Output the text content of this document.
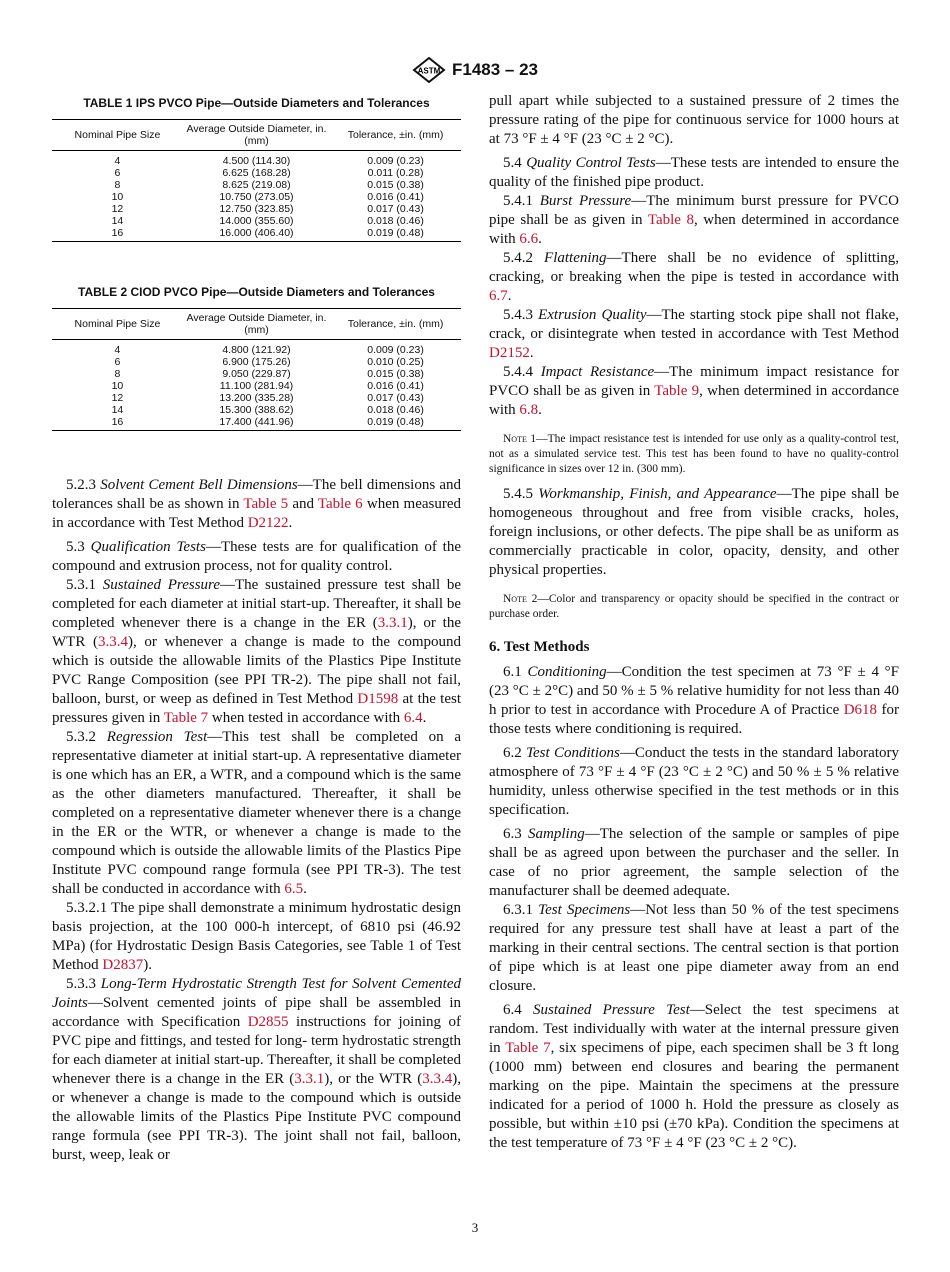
ASTM F1483 – 23
TABLE 1 IPS PVCO Pipe—Outside Diameters and Tolerances
Nominal Pipe Size	Average Outside Diameter, in. (mm)	Tolerance, ±in. (mm)
4	4.500 (114.30)	0.009 (0.23)
6	6.625 (168.28)	0.011 (0.28)
8	8.625 (219.08)	0.015 (0.38)
10	10.750 (273.05)	0.016 (0.41)
12	12.750 (323.85)	0.017 (0.43)
14	14.000 (355.60)	0.018 (0.46)
16	16.000 (406.40)	0.019 (0.48)
TABLE 2 CIOD PVCO Pipe—Outside Diameters and Tolerances
Nominal Pipe Size	Average Outside Diameter, in. (mm)	Tolerance, ±in. (mm)
4	4.800 (121.92)	0.009 (0.23)
6	6.900 (175.26)	0.010 (0.25)
8	9.050 (229.87)	0.015 (0.38)
10	11.100 (281.94)	0.016 (0.41)
12	13.200 (335.28)	0.017 (0.43)
14	15.300 (388.62)	0.018 (0.46)
16	17.400 (441.96)	0.019 (0.48)

5.2.3 Solvent Cement Bell Dimensions—The bell dimensions and tolerances shall be as shown in Table 5 and Table 6 when measured in accordance with Test Method D2122.

5.3 Qualification Tests—These tests are for qualification of the compound and extrusion process, not for quality control.

5.3.1 Sustained Pressure—The sustained pressure test shall be completed for each diameter at initial start-up. Thereafter, it shall be completed whenever there is a change in the ER (3.3.1), or the WTR (3.3.4), or whenever a change is made to the compound which is outside the allowable limits of the Plastics Pipe Institute PVC Range Composition (see PPI TR-2). The pipe shall not fail, balloon, burst, or weep as defined in Test Method D1598 at the test pressures given in Table 7 when tested in accordance with 6.4.

5.3.2 Regression Test—This test shall be completed on a representative diameter at initial start-up. A representative diameter is one which has an ER, a WTR, and a compound which is the same as the other diameters manufactured. Thereafter, it shall be completed on a representative diameter whenever there is a change in the ER or the WTR, or whenever a change is made to the compound which is outside the allowable limits of the Plastics Pipe Institute PVC compound range formula (see PPI TR-3). The test shall be conducted in accordance with 6.5.

5.3.2.1 The pipe shall demonstrate a minimum hydrostatic design basis projection, at the 100 000-h intercept, of 6810 psi (46.92 MPa) (for Hydrostatic Design Basis Categories, see Table 1 of Test Method D2837).

5.3.3 Long-Term Hydrostatic Strength Test for Solvent Cemented Joints—Solvent cemented joints of pipe shall be assembled in accordance with Specification D2855 instructions for joining of PVC pipe and fittings, and tested for long- term hydrostatic strength for each diameter at initial start-up. Thereafter, it shall be completed whenever there is a change in the ER (3.3.1), or the WTR (3.3.4), or whenever a change is made to the compound which is outside the allowable limits of the Plastics Pipe Institute PVC compound range formula (see PPI TR-3). The joint shall not fail, balloon, burst, weep, leak or

pull apart while subjected to a sustained pressure of 2 times the pressure rating of the pipe for continuous service for 1000 hours at at 73 °F ± 4 °F (23 °C ± 2 °C).

5.4 Quality Control Tests—These tests are intended to ensure the quality of the finished pipe product.

5.4.1 Burst Pressure—The minimum burst pressure for PVCO pipe shall be as given in Table 8, when determined in accordance with 6.6.

5.4.2 Flattening—There shall be no evidence of splitting, cracking, or breaking when the pipe is tested in accordance with 6.7.

5.4.3 Extrusion Quality—The starting stock pipe shall not flake, crack, or disintegrate when tested in accordance with Test Method D2152.

5.4.4 Impact Resistance—The minimum impact resistance for PVCO shall be as given in Table 9, when determined in accordance with 6.8.

Note 1—The impact resistance test is intended for use only as a quality-control test, not as a simulated service test. This test has been found to have no quality-control significance in sizes over 12 in. (300 mm).

5.4.5 Workmanship, Finish, and Appearance—The pipe shall be homogeneous throughout and free from visible cracks, holes, foreign inclusions, or other defects. The pipe shall be as uniform as commercially practicable in color, opacity, density, and other physical properties.

Note 2—Color and transparency or opacity should be specified in the contract or purchase order.

6. Test Methods

6.1 Conditioning—Condition the test specimen at 73 °F ± 4 °F (23 °C ± 2°C) and 50 % ± 5 % relative humidity for not less than 40 h prior to test in accordance with Procedure A of Practice D618 for those tests where conditioning is required.

6.2 Test Conditions—Conduct the tests in the standard laboratory atmosphere of 73 °F ± 4 °F (23 °C ± 2 °C) and 50 % ± 5 % relative humidity, unless otherwise specified in the test methods or in this specification.

6.3 Sampling—The selection of the sample or samples of pipe shall be as agreed upon between the purchaser and the seller. In case of no prior agreement, the sample selection of the manufacturer shall be deemed adequate.

6.3.1 Test Specimens—Not less than 50 % of the test specimens required for any pressure test shall have at least a part of the marking in their central sections. The central section is that portion of pipe which is at least one pipe diameter away from an end closure.

6.4 Sustained Pressure Test—Select the test specimens at random. Test individually with water at the internal pressure given in Table 7, six specimens of pipe, each specimen shall be 3 ft long (1000 mm) between end closures and bearing the permanent marking on the pipe. Maintain the specimens at the pressure indicated for a period of 1000 h. Hold the pressure as closely as possible, but within ±10 psi (±70 kPa). Condition the specimens at the test temperature of 73 °F ± 4 °F (23 °C ± 2 °C).

3
